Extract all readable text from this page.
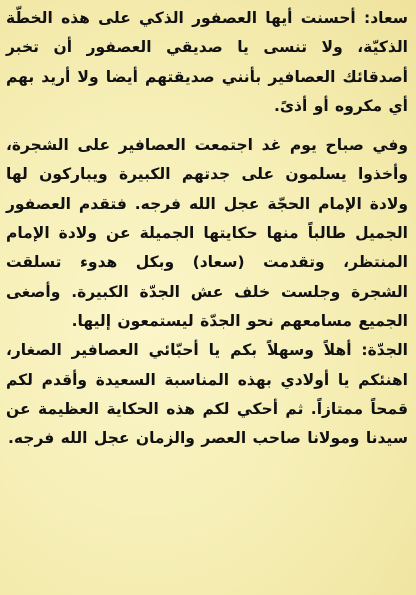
سعاد: أحسنت أيها العصفور الذكي على هذه الخطّة الذكيّة، ولا تنسى يا صديقي العصفور أن تخبر أصدقائك العصافير بأنني صديقتهم أيضا ولا أريد بهم أي مكروه أو أذىً.

وفي صباح يوم غد اجتمعت العصافير على الشجرة، وأخذوا يسلمون على جدتهم الكبيرة ويباركون لها ولادة الإمام الحجّة عجل الله فرجه. فتقدم العصفور الجميل طالباً منها حكايتها الجميلة عن ولادة الإمام المنتظر، وتقدمت (سعاد) وبكل هدوء تسلقت الشجرة وجلست خلف عش الجدّة الكبيرة. وأصغى الجميع مسامعهم نحو الجدّة ليستمعون إليها.

الجدّة: أهلاً وسهلاً بكم يا أحبّائي العصافير الصغار، اهنئكم يا أولادي بهذه المناسبة السعيدة وأقدم لكم قمحاً ممتازاً. ثم أحكي لكم هذه الحكاية العظيمة عن سيدنا ومولانا صاحب العصر والزمان عجل الله فرجه.
